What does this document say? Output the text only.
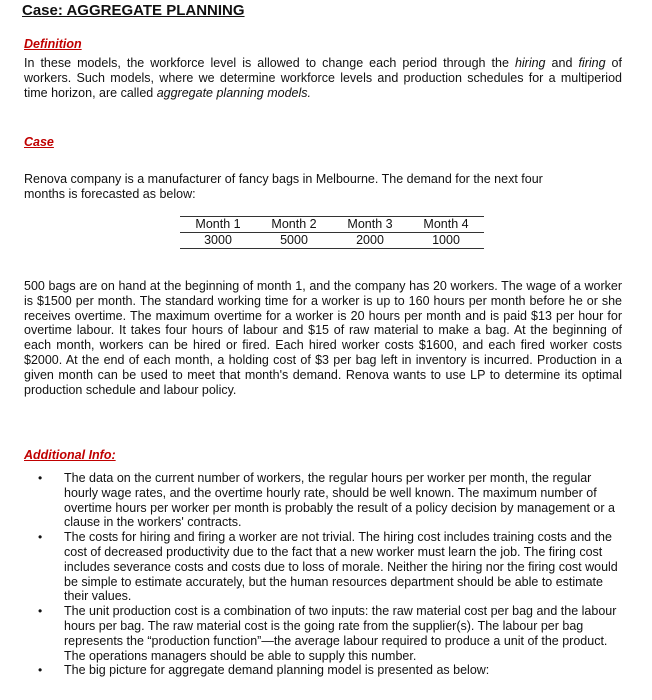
Case: AGGREGATE PLANNING
Definition

In these models, the workforce level is allowed to change each period through the hiring and firing of workers. Such models, where we determine workforce levels and production schedules for a multiperiod time horizon, are called aggregate planning models.

Case

Renova company is a manufacturer of fancy bags in Melbourne. The demand for the next four months is forecasted as below:

Month 1	Month 2	Month 3	Month 4
3000	5000	2000	1000

500 bags are on hand at the beginning of month 1, and the company has 20 workers. The wage of a worker is $1500 per month. The standard working time for a worker is up to 160 hours per month before he or she receives overtime. The maximum overtime for a worker is 20 hours per month and is paid $13 per hour for overtime labour. It takes four hours of labour and $15 of raw material to make a bag. At the beginning of each month, workers can be hired or fired. Each hired worker costs $1600, and each fired worker costs $2000. At the end of each month, a holding cost of $3 per bag left in inventory is incurred. Production in a given month can be used to meet that month's demand. Renova wants to use LP to determine its optimal production schedule and labour policy.

Additional Info:
• The data on the current number of workers, the regular hours per worker per month, the regular hourly wage rates, and the overtime hourly rate, should be well known. The maximum number of overtime hours per worker per month is probably the result of a policy decision by management or a clause in the workers' contracts.
• The costs for hiring and firing a worker are not trivial. The hiring cost includes training costs and the cost of decreased productivity due to the fact that a new worker must learn the job. The firing cost includes severance costs and costs due to loss of morale. Neither the hiring nor the firing cost would be simple to estimate accurately, but the human resources department should be able to estimate their values.
• The unit production cost is a combination of two inputs: the raw material cost per bag and the labour hours per bag. The raw material cost is the going rate from the supplier(s). The labour per bag represents the “production function”—the average labour required to produce a unit of the product. The operations managers should be able to supply this number.
• The big picture for aggregate demand planning model is presented as below:
